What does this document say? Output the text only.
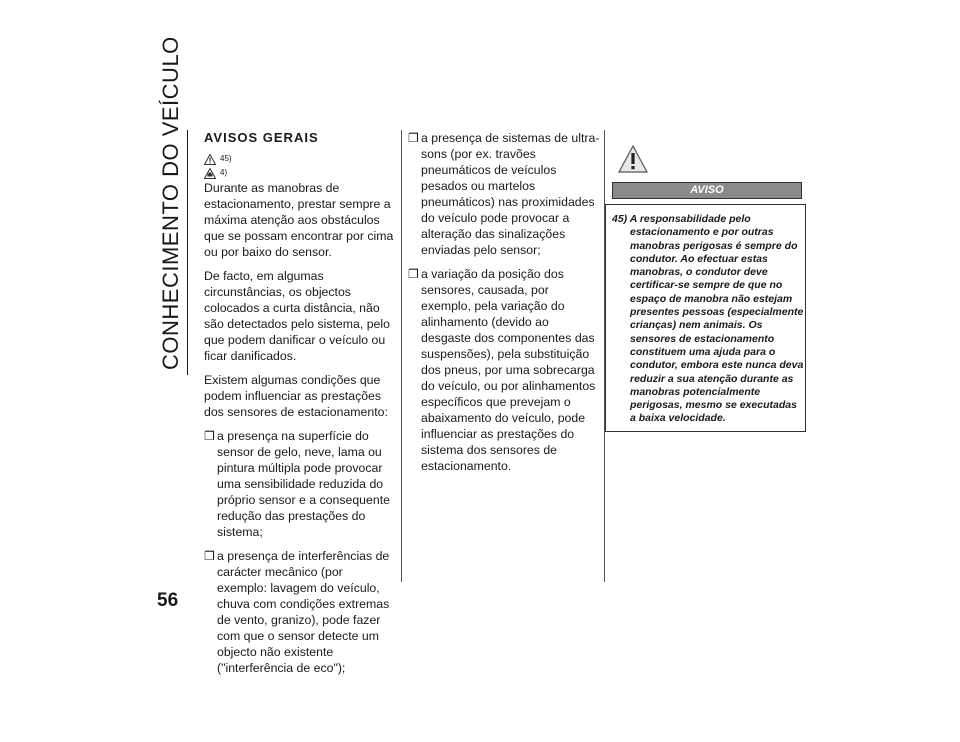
CONHECIMENTO DO VEÍCULO
56
AVISOS GERAIS
45)
4)

Durante as manobras de estacionamento, prestar sempre a máxima atenção aos obstáculos que se possam encontrar por cima ou por baixo do sensor.

De facto, em algumas circunstâncias, os objectos colocados a curta distância, não são detectados pelo sistema, pelo que podem danificar o veículo ou ficar danificados.

Existem algumas condições que podem influenciar as prestações dos sensores de estacionamento:

❒ a presença na superfície do sensor de gelo, neve, lama ou pintura múltipla pode provocar uma sensibilidade reduzida do próprio sensor e a consequente redução das prestações do sistema;
❒ a presença de interferências de carácter mecânico (por exemplo: lavagem do veículo, chuva com condições extremas de vento, granizo), pode fazer com que o sensor detecte um objecto não existente ("interferência de eco");
❒ a presença de sistemas de ultra-sons (por ex. travões pneumáticos de veículos pesados ou martelos pneumáticos) nas proximidades do veículo pode provocar a alteração das sinalizações enviadas pelo sensor;
❒ a variação da posição dos sensores, causada, por exemplo, pela variação do alinhamento (devido ao desgaste dos componentes das suspensões), pela substituição dos pneus, por uma sobrecarga do veículo, ou por alinhamentos específicos que prevejam o abaixamento do veículo, pode influenciar as prestações do sistema dos sensores de estacionamento.
AVISO
45) A responsabilidade pelo
estacionamento e por outras manobras perigosas é sempre do condutor. Ao efectuar estas manobras, o condutor deve certificar-se sempre de que no espaço de manobra não estejam presentes pessoas (especialmente crianças) nem animais. Os sensores de estacionamento constituem uma ajuda para o condutor, embora este nunca deva reduzir a sua atenção durante as manobras potencialmente perigosas, mesmo se executadas a baixa velocidade.
